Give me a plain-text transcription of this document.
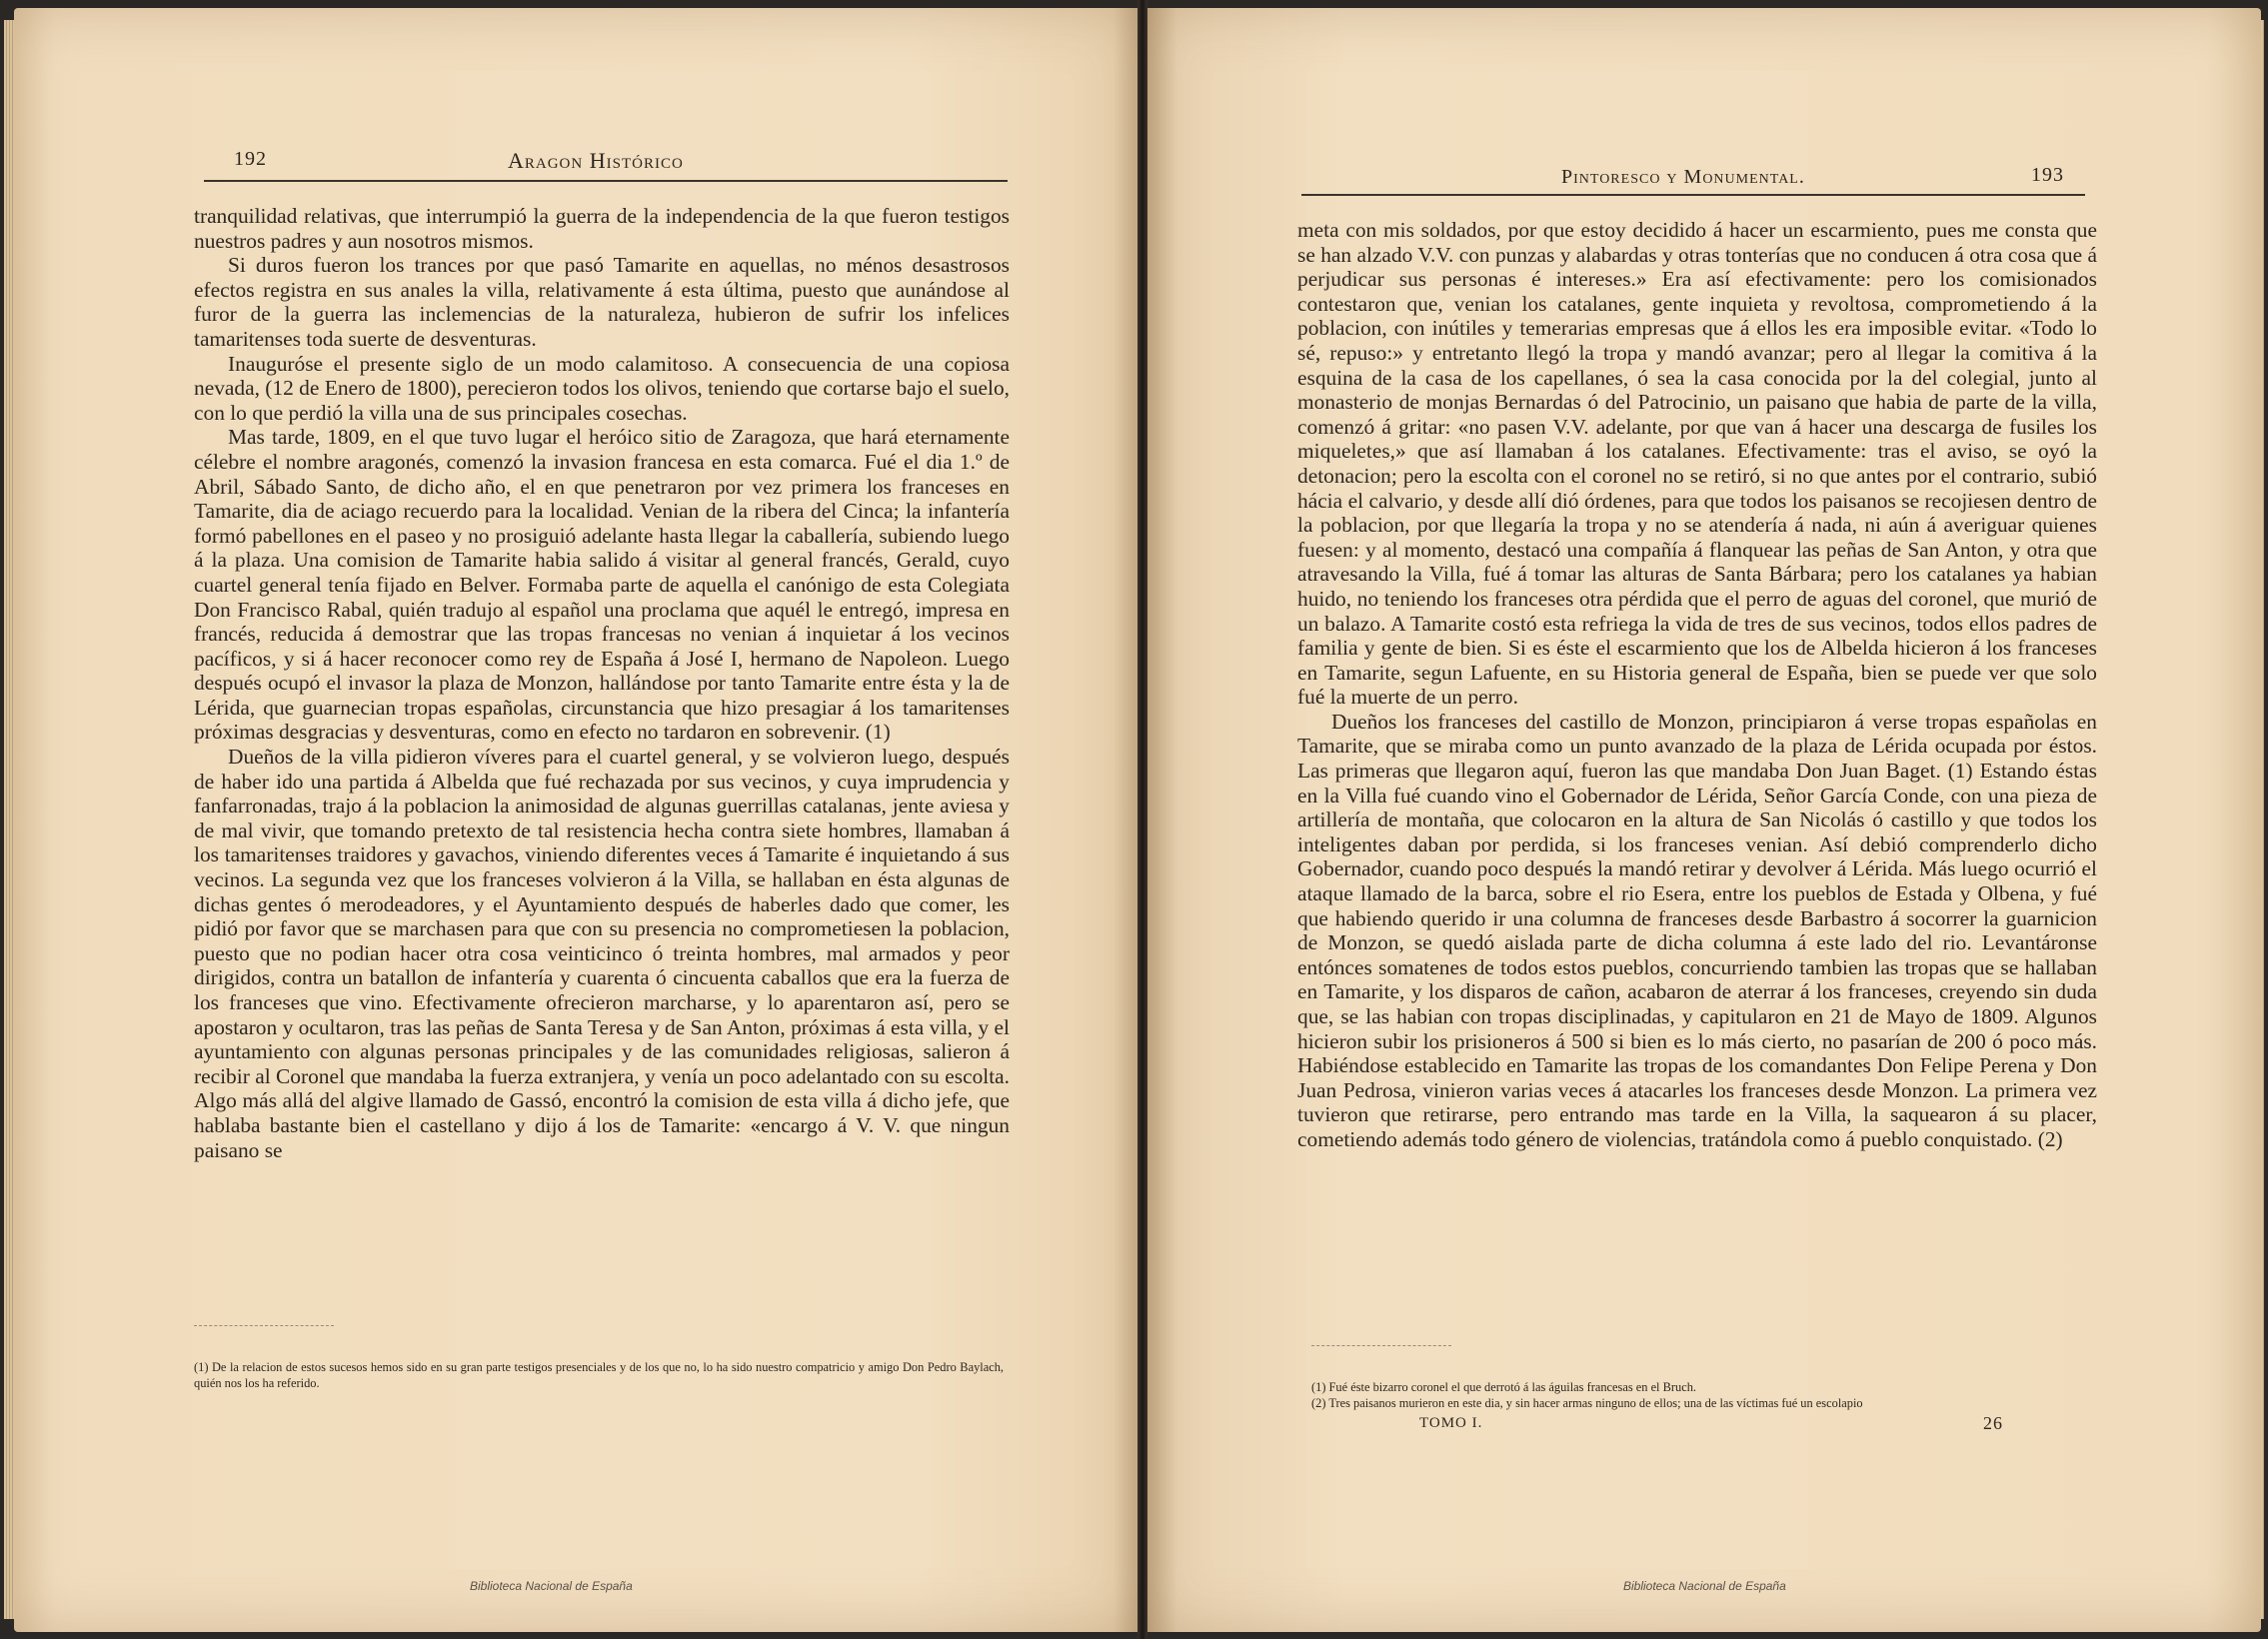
192	Aragon Histórico

tranquilidad relativas, que interrumpió la guerra de la independencia de la que fueron testigos nuestros padres y aun nosotros mismos.

Si duros fueron los trances por que pasó Tamarite en aquellas, no ménos desastrosos efectos registra en sus anales la villa, relativamente á esta última, puesto que aunándose al furor de la guerra las inclemencias de la naturaleza, hubieron de sufrir los infelices tamaritenses toda suerte de desventuras.

Inauguróse el presente siglo de un modo calamitoso. A consecuencia de una copiosa nevada, (12 de Enero de 1800), perecieron todos los olivos, teniendo que cortarse bajo el suelo, con lo que perdió la villa una de sus principales cosechas.

Mas tarde, 1809, en el que tuvo lugar el heróico sitio de Zaragoza, que hará eternamente célebre el nombre aragonés, comenzó la invasion francesa en esta comarca. Fué el dia 1.º de Abril, Sábado Santo, de dicho año, el en que penetraron por vez primera los franceses en Tamarite, dia de aciago recuerdo para la localidad. Venian de la ribera del Cinca; la infantería formó pabellones en el paseo y no prosiguió adelante hasta llegar la caballería, subiendo luego á la plaza. Una comision de Tamarite habia salido á visitar al general francés, Gerald, cuyo cuartel general tenía fijado en Belver. Formaba parte de aquella el canónigo de esta Colegiata Don Francisco Rabal, quién tradujo al español una proclama que aquél le entregó, impresa en francés, reducida á demostrar que las tropas francesas no venian á inquietar á los vecinos pacíficos, y si á hacer reconocer como rey de España á José I, hermano de Napoleon. Luego después ocupó el invasor la plaza de Monzon, hallándose por tanto Tamarite entre ésta y la de Lérida, que guarnecian tropas españolas, circunstancia que hizo presagiar á los tamaritenses próximas desgracias y desventuras, como en efecto no tardaron en sobrevenir. (1)

Dueños de la villa pidieron víveres para el cuartel general, y se volvieron luego, después de haber ido una partida á Albelda que fué rechazada por sus vecinos, y cuya imprudencia y fanfarronadas, trajo á la poblacion la animosidad de algunas guerrillas catalanas, jente aviesa y de mal vivir, que tomando pretexto de tal resistencia hecha contra siete hombres, llamaban á los tamaritenses traidores y gavachos, viniendo diferentes veces á Tamarite é inquietando á sus vecinos. La segunda vez que los franceses volvieron á la Villa, se hallaban en ésta algunas de dichas gentes ó merodeadores, y el Ayuntamiento después de haberles dado que comer, les pidió por favor que se marchasen para que con su presencia no comprometiesen la poblacion, puesto que no podian hacer otra cosa veinticinco ó treinta hombres, mal armados y peor dirigidos, contra un batallon de infantería y cuarenta ó cincuenta caballos que era la fuerza de los franceses que vino. Efectivamente ofrecieron marcharse, y lo aparentaron así, pero se apostaron y ocultaron, tras las peñas de Santa Teresa y de San Anton, próximas á esta villa, y el ayuntamiento con algunas personas principales y de las comunidades religiosas, salieron á recibir al Coronel que mandaba la fuerza extranjera, y venía un poco adelantado con su escolta. Algo más allá del algive llamado de Gassó, encontró la comision de esta villa á dicho jefe, que hablaba bastante bien el castellano y dijo á los de Tamarite: «encargo á V. V. que ningun paisano se

(1) De la relacion de estos sucesos hemos sido en su gran parte testigos presenciales y de los que no, lo ha sido nuestro compatricio y amigo Don Pedro Baylach, quién nos los ha referido.

Biblioteca Nacional de España
Pintoresco y Monumental.	193

meta con mis soldados, por que estoy decidido á hacer un escarmiento, pues me consta que se han alzado V.V. con punzas y alabardas y otras tonterías que no conducen á otra cosa que á perjudicar sus personas é intereses.» Era así efectivamente: pero los comisionados contestaron que, venian los catalanes, gente inquieta y revoltosa, comprometiendo á la poblacion, con inútiles y temerarias empresas que á ellos les era imposible evitar. «Todo lo sé, repuso:» y entretanto llegó la tropa y mandó avanzar; pero al llegar la comitiva á la esquina de la casa de los capellanes, ó sea la casa conocida por la del colegial, junto al monasterio de monjas Bernardas ó del Patrocinio, un paisano que habia de parte de la villa, comenzó á gritar: «no pasen V.V. adelante, por que van á hacer una descarga de fusiles los miqueletes,» que así llamaban á los catalanes. Efectivamente: tras el aviso, se oyó la detonacion; pero la escolta con el coronel no se retiró, si no que antes por el contrario, subió hácia el calvario, y desde allí dió órdenes, para que todos los paisanos se recojiesen dentro de la poblacion, por que llegaría la tropa y no se atendería á nada, ni aún á averiguar quienes fuesen: y al momento, destacó una compañía á flanquear las peñas de San Anton, y otra que atravesando la Villa, fué á tomar las alturas de Santa Bárbara; pero los catalanes ya habian huido, no teniendo los franceses otra pérdida que el perro de aguas del coronel, que murió de un balazo. A Tamarite costó esta refriega la vida de tres de sus vecinos, todos ellos padres de familia y gente de bien. Si es éste el escarmiento que los de Albelda hicieron á los franceses en Tamarite, segun Lafuente, en su Historia general de España, bien se puede ver que solo fué la muerte de un perro.

Dueños los franceses del castillo de Monzon, principiaron á verse tropas españolas en Tamarite, que se miraba como un punto avanzado de la plaza de Lérida ocupada por éstos. Las primeras que llegaron aquí, fueron las que mandaba Don Juan Baget. (1) Estando éstas en la Villa fué cuando vino el Gobernador de Lérida, Señor García Conde, con una pieza de artillería de montaña, que colocaron en la altura de San Nicolás ó castillo y que todos los inteligentes daban por perdida, si los franceses venian. Así debió comprenderlo dicho Gobernador, cuando poco después la mandó retirar y devolver á Lérida. Más luego ocurrió el ataque llamado de la barca, sobre el rio Esera, entre los pueblos de Estada y Olbena, y fué que habiendo querido ir una columna de franceses desde Barbastro á socorrer la guarnicion de Monzon, se quedó aislada parte de dicha columna á este lado del rio. Levantáronse entónces somatenes de todos estos pueblos, concurriendo tambien las tropas que se hallaban en Tamarite, y los disparos de cañon, acabaron de aterrar á los franceses, creyendo sin duda que, se las habian con tropas disciplinadas, y capitularon en 21 de Mayo de 1809. Algunos hicieron subir los prisioneros á 500 si bien es lo más cierto, no pasarían de 200 ó poco más. Habiéndose establecido en Tamarite las tropas de los comandantes Don Felipe Perena y Don Juan Pedrosa, vinieron varias veces á atacarles los franceses desde Monzon. La primera vez tuvieron que retirarse, pero entrando mas tarde en la Villa, la saquearon á su placer, cometiendo además todo género de violencias, tratándola como á pueblo conquistado. (2)

(1) Fué éste bizarro coronel el que derrotó á las águilas francesas en el Bruch.

(2) Tres paisanos murieron en este dia, y sin hacer armas ninguno de ellos; una de las víctimas fué un escolapio

TOMO I.	26
Biblioteca Nacional de España
